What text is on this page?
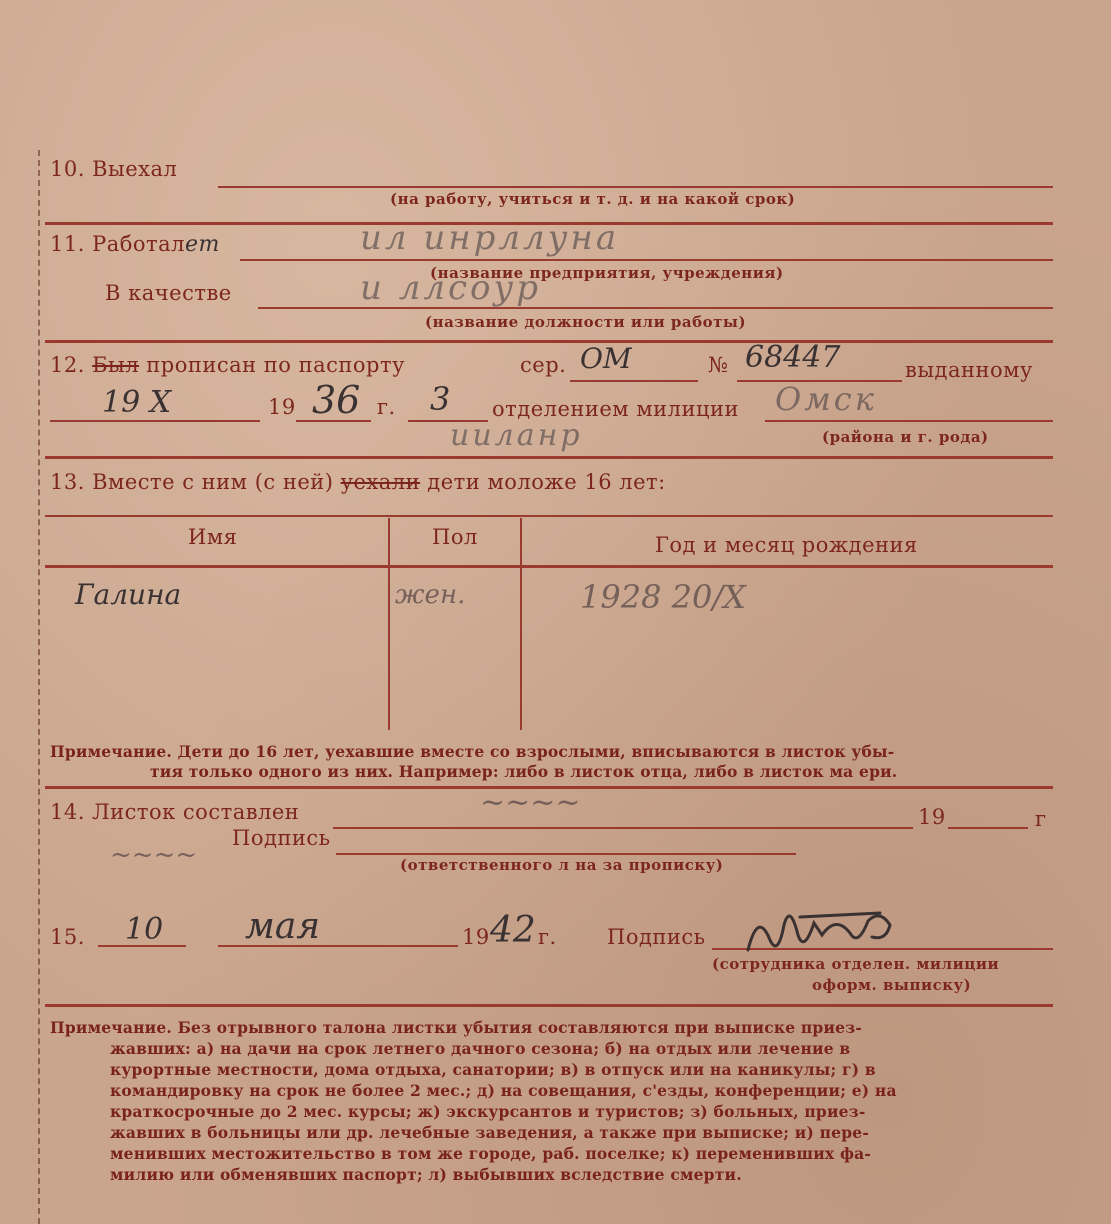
10. Выехал
(на работу, учиться и т. д. и на какой срок)
11. Работалет	ил инрллуна
(название предприятия, учреждения)
В качестве	и ллсоур
(название должности или работы)
12. Был прописан по паспорту	сер. ОМ	№ 68447	выданному
19 Х	19 36 г. 3 отделением милиции Омск
ииланр	(района и г. рода)
13. Вместе с ним (с ней) уехали дети моложе 16 лет:
Имя	Пол	Год и месяц рождения
Галина	жен.	1928 20/Х
Примечание. Дети до 16 лет, уехавшие вместе со взрослыми, вписываются в листок убы-
тия только одного из них. Например: либо в листок отца, либо в листок ма ери.
14. Листок составлен	~~~~	19	г
Подпись
~~~~	(ответственного л на за прописку)
15. 10 мая	19 42 г. Подпись
(сотрудника отделен. милиции
оформ. выписку)
Примечание. Без отрывного талона листки убытия составляются при выписке приез-
жавших: а) на дачи на срок летнего дачного сезона; б) на отдых или лечение в
курортные местности, дома отдыха, санатории; в) в отпуск или на каникулы; г) в
командировку на срок не более 2 мес.; д) на совещания, с'езды, конференции; е) на
краткосрочные до 2 мес. курсы; ж) экскурсантов и туристов; з) больных, приез-
жавших в больницы или др. лечебные заведения, а также при выписке; и) пере-
менивших местожительство в том же городе, раб. поселке; к) переменивших фа-
милию или обменявших паспорт; л) выбывших вследствие смерти.
